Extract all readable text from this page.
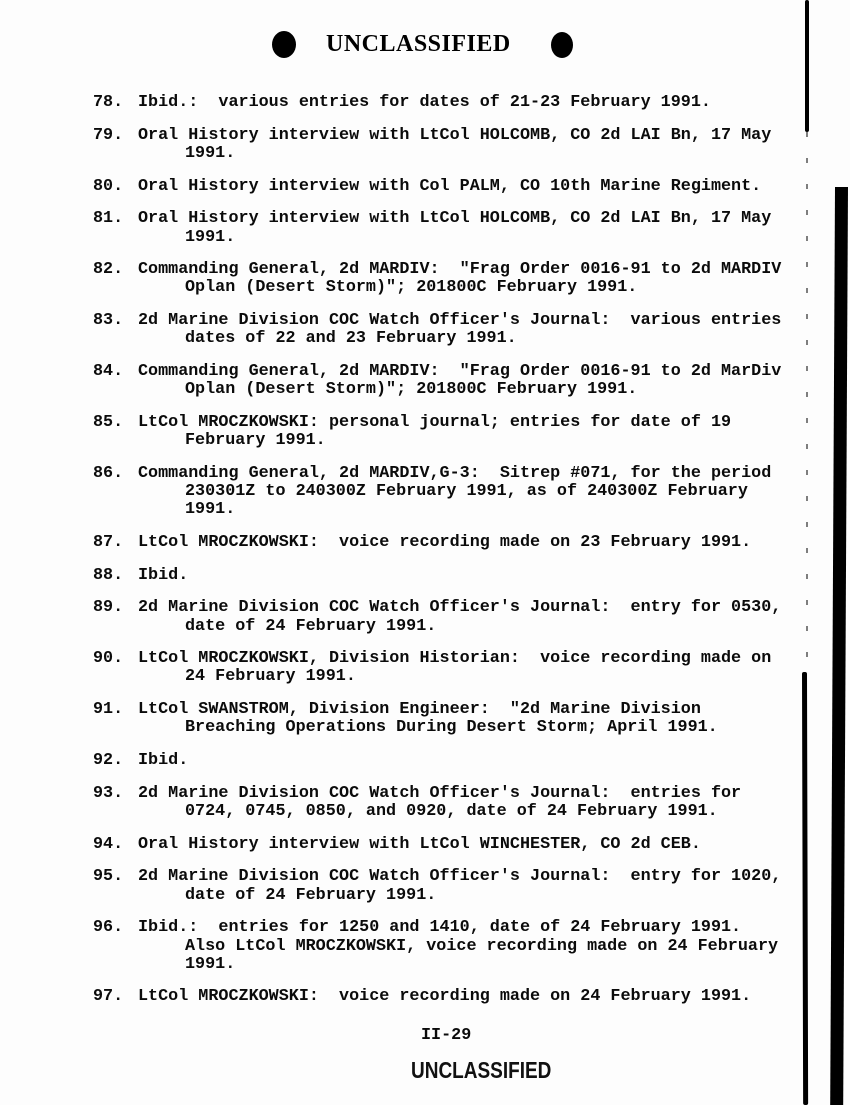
UNCLASSIFIED
78. Ibid.:  various entries for dates of 21-23 February 1991.
79. Oral History interview with LtCol HOLCOMB, CO 2d LAI Bn, 17 May
1991.
80. Oral History interview with Col PALM, CO 10th Marine Regiment.
81. Oral History interview with LtCol HOLCOMB, CO 2d LAI Bn, 17 May
1991.
82. Commanding General, 2d MARDIV:  "Frag Order 0016-91 to 2d MARDIV
Oplan (Desert Storm)"; 201800C February 1991.
83. 2d Marine Division COC Watch Officer's Journal:  various entries
dates of 22 and 23 February 1991.
84. Commanding General, 2d MARDIV:  "Frag Order 0016-91 to 2d MarDiv
Oplan (Desert Storm)"; 201800C February 1991.
85. LtCol MROCZKOWSKI: personal journal; entries for date of 19
February 1991.
86. Commanding General, 2d MARDIV,G-3:  Sitrep #071, for the period
230301Z to 240300Z February 1991, as of 240300Z February
1991.
87. LtCol MROCZKOWSKI:  voice recording made on 23 February 1991.
88. Ibid.
89. 2d Marine Division COC Watch Officer's Journal:  entry for 0530,
date of 24 February 1991.
90. LtCol MROCZKOWSKI, Division Historian:  voice recording made on
24 February 1991.
91. LtCol SWANSTROM, Division Engineer:  "2d Marine Division
Breaching Operations During Desert Storm; April 1991.
92. Ibid.
93. 2d Marine Division COC Watch Officer's Journal:  entries for
0724, 0745, 0850, and 0920, date of 24 February 1991.
94. Oral History interview with LtCol WINCHESTER, CO 2d CEB.
95. 2d Marine Division COC Watch Officer's Journal:  entry for 1020,
date of 24 February 1991.
96. Ibid.:  entries for 1250 and 1410, date of 24 February 1991.
Also LtCol MROCZKOWSKI, voice recording made on 24 February
1991.
97. LtCol MROCZKOWSKI:  voice recording made on 24 February 1991.
II-29
UNCLASSIFIED
